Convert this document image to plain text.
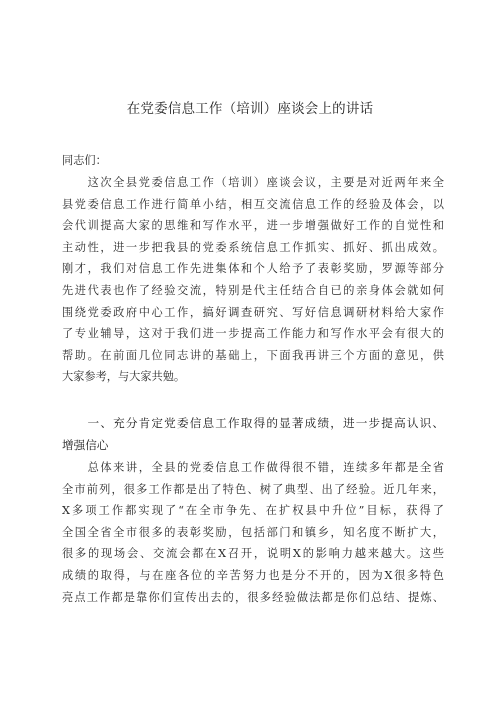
在党委信息工作（培训）座谈会上的讲话
同志们：
　　这次全县党委信息工作（培训）座谈会议，主要是对近两年来全
县党委信息工作进行简单小结，相互交流信息工作的经验及体会，以
会代训提高大家的思维和写作水平，进一步增强做好工作的自觉性和
主动性，进一步把我县的党委系统信息工作抓实、抓好、抓出成效。
刚才，我们对信息工作先进集体和个人给予了表彰奖励，罗源等部分
先进代表也作了经验交流，特别是代主任结合自已的亲身体会就如何
围绕党委政府中心工作，搞好调查研究、写好信息调研材料给大家作
了专业辅导，这对于我们进一步提高工作能力和写作水平会有很大的
帮助。在前面几位同志讲的基础上，下面我再讲三个方面的意见，供
大家参考，与大家共勉。
　　一、充分肯定党委信息工作取得的显著成绩，进一步提高认识、
增强信心
　　总体来讲，全县的党委信息工作做得很不错，连续多年都是全省
全市前列，很多工作都是出了特色、树了典型、出了经验。近几年来，
X多项工作都实现了“在全市争先、在扩权县中升位”目标，获得了
全国全省全市很多的表彰奖励，包括部门和镇乡，知名度不断扩大，
很多的现场会、交流会都在X召开，说明X的影响力越来越大。这些
成绩的取得，与在座各位的辛苦努力也是分不开的，因为X很多特色
亮点工作都是靠你们宣传出去的，很多经验做法都是你们总结、提炼、
